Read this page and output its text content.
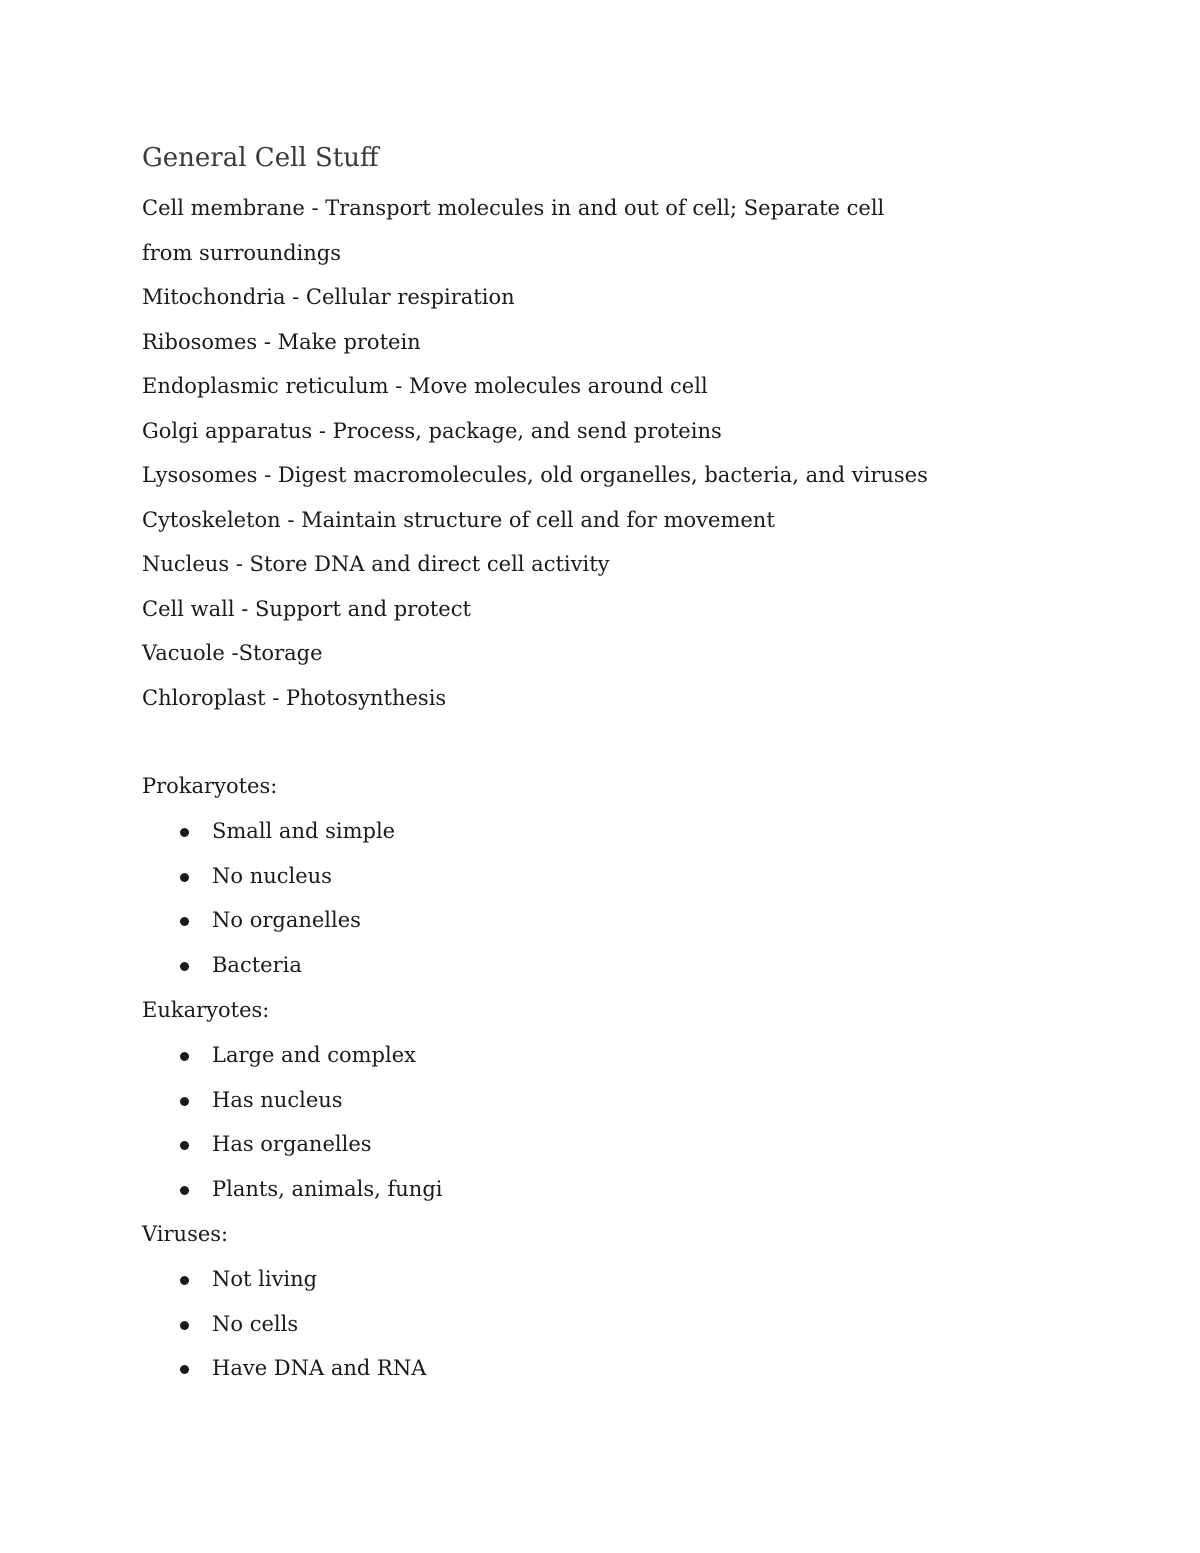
General Cell Stuff

Cell membrane - Transport molecules in and out of cell; Separate cell from surroundings

Mitochondria - Cellular respiration

Ribosomes - Make protein

Endoplasmic reticulum - Move molecules around cell

Golgi apparatus - Process, package, and send proteins

Lysosomes - Digest macromolecules, old organelles, bacteria, and viruses

Cytoskeleton - Maintain structure of cell and for movement

Nucleus - Store DNA and direct cell activity

Cell wall - Support and protect

Vacuole -Storage

Chloroplast - Photosynthesis

Prokaryotes:

Small and simple
No nucleus
No organelles
Bacteria

Eukaryotes:

Large and complex
Has nucleus
Has organelles
Plants, animals, fungi

Viruses:

Not living
No cells
Have DNA and RNA
